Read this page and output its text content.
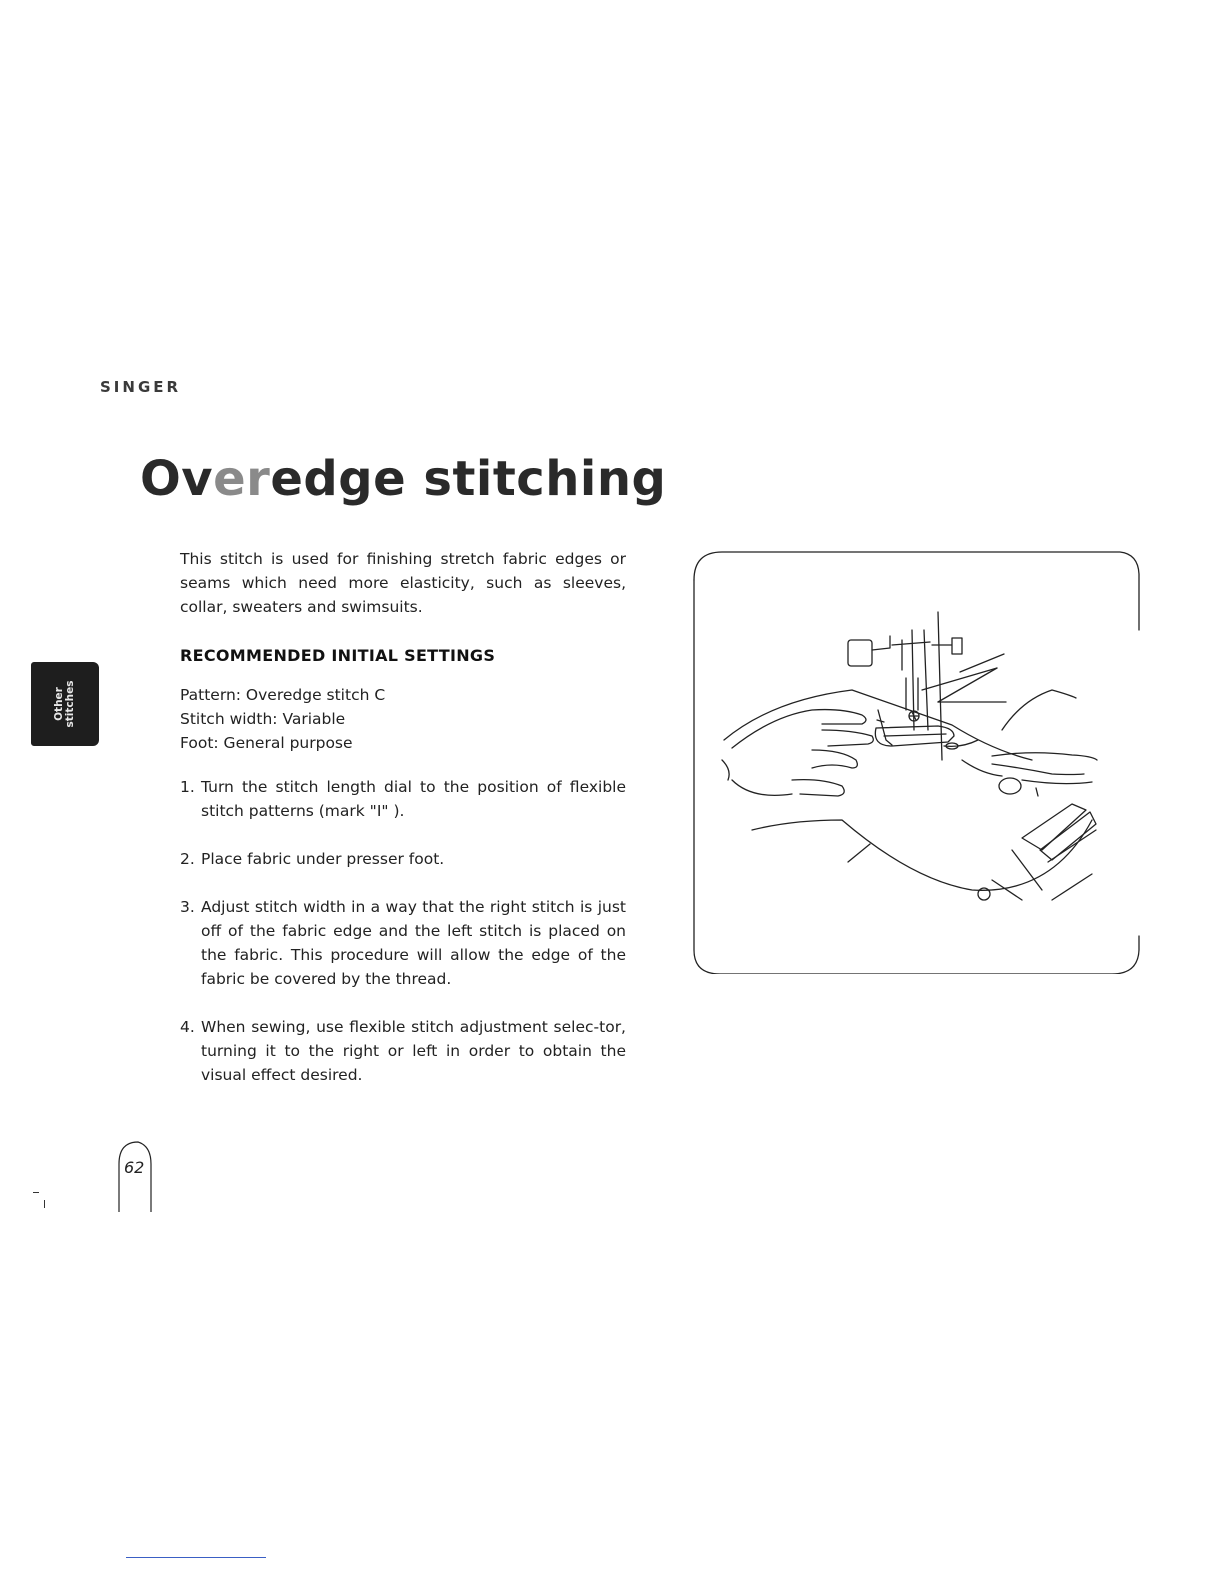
SINGER
Overedge stitching
Other stitches

This stitch is used for finishing stretch fabric edges or seams which need more elasticity, such as sleeves, collar, sweaters and swimsuits.

RECOMMENDED INITIAL SETTINGS
Pattern: Overedge stitch C
Stitch width: Variable
Foot: General purpose
1. Turn the stitch length dial to the position of flexible stitch patterns (mark "I" ).
2. Place fabric under presser foot.
3. Adjust stitch width in a way that the right stitch is just off of the fabric edge and the left stitch is placed on the fabric. This procedure will allow the edge of the fabric be covered by the thread.
4. When sewing, use flexible stitch adjustment selec-tor, turning it to the right or left in order to obtain the visual effect desired.
62
